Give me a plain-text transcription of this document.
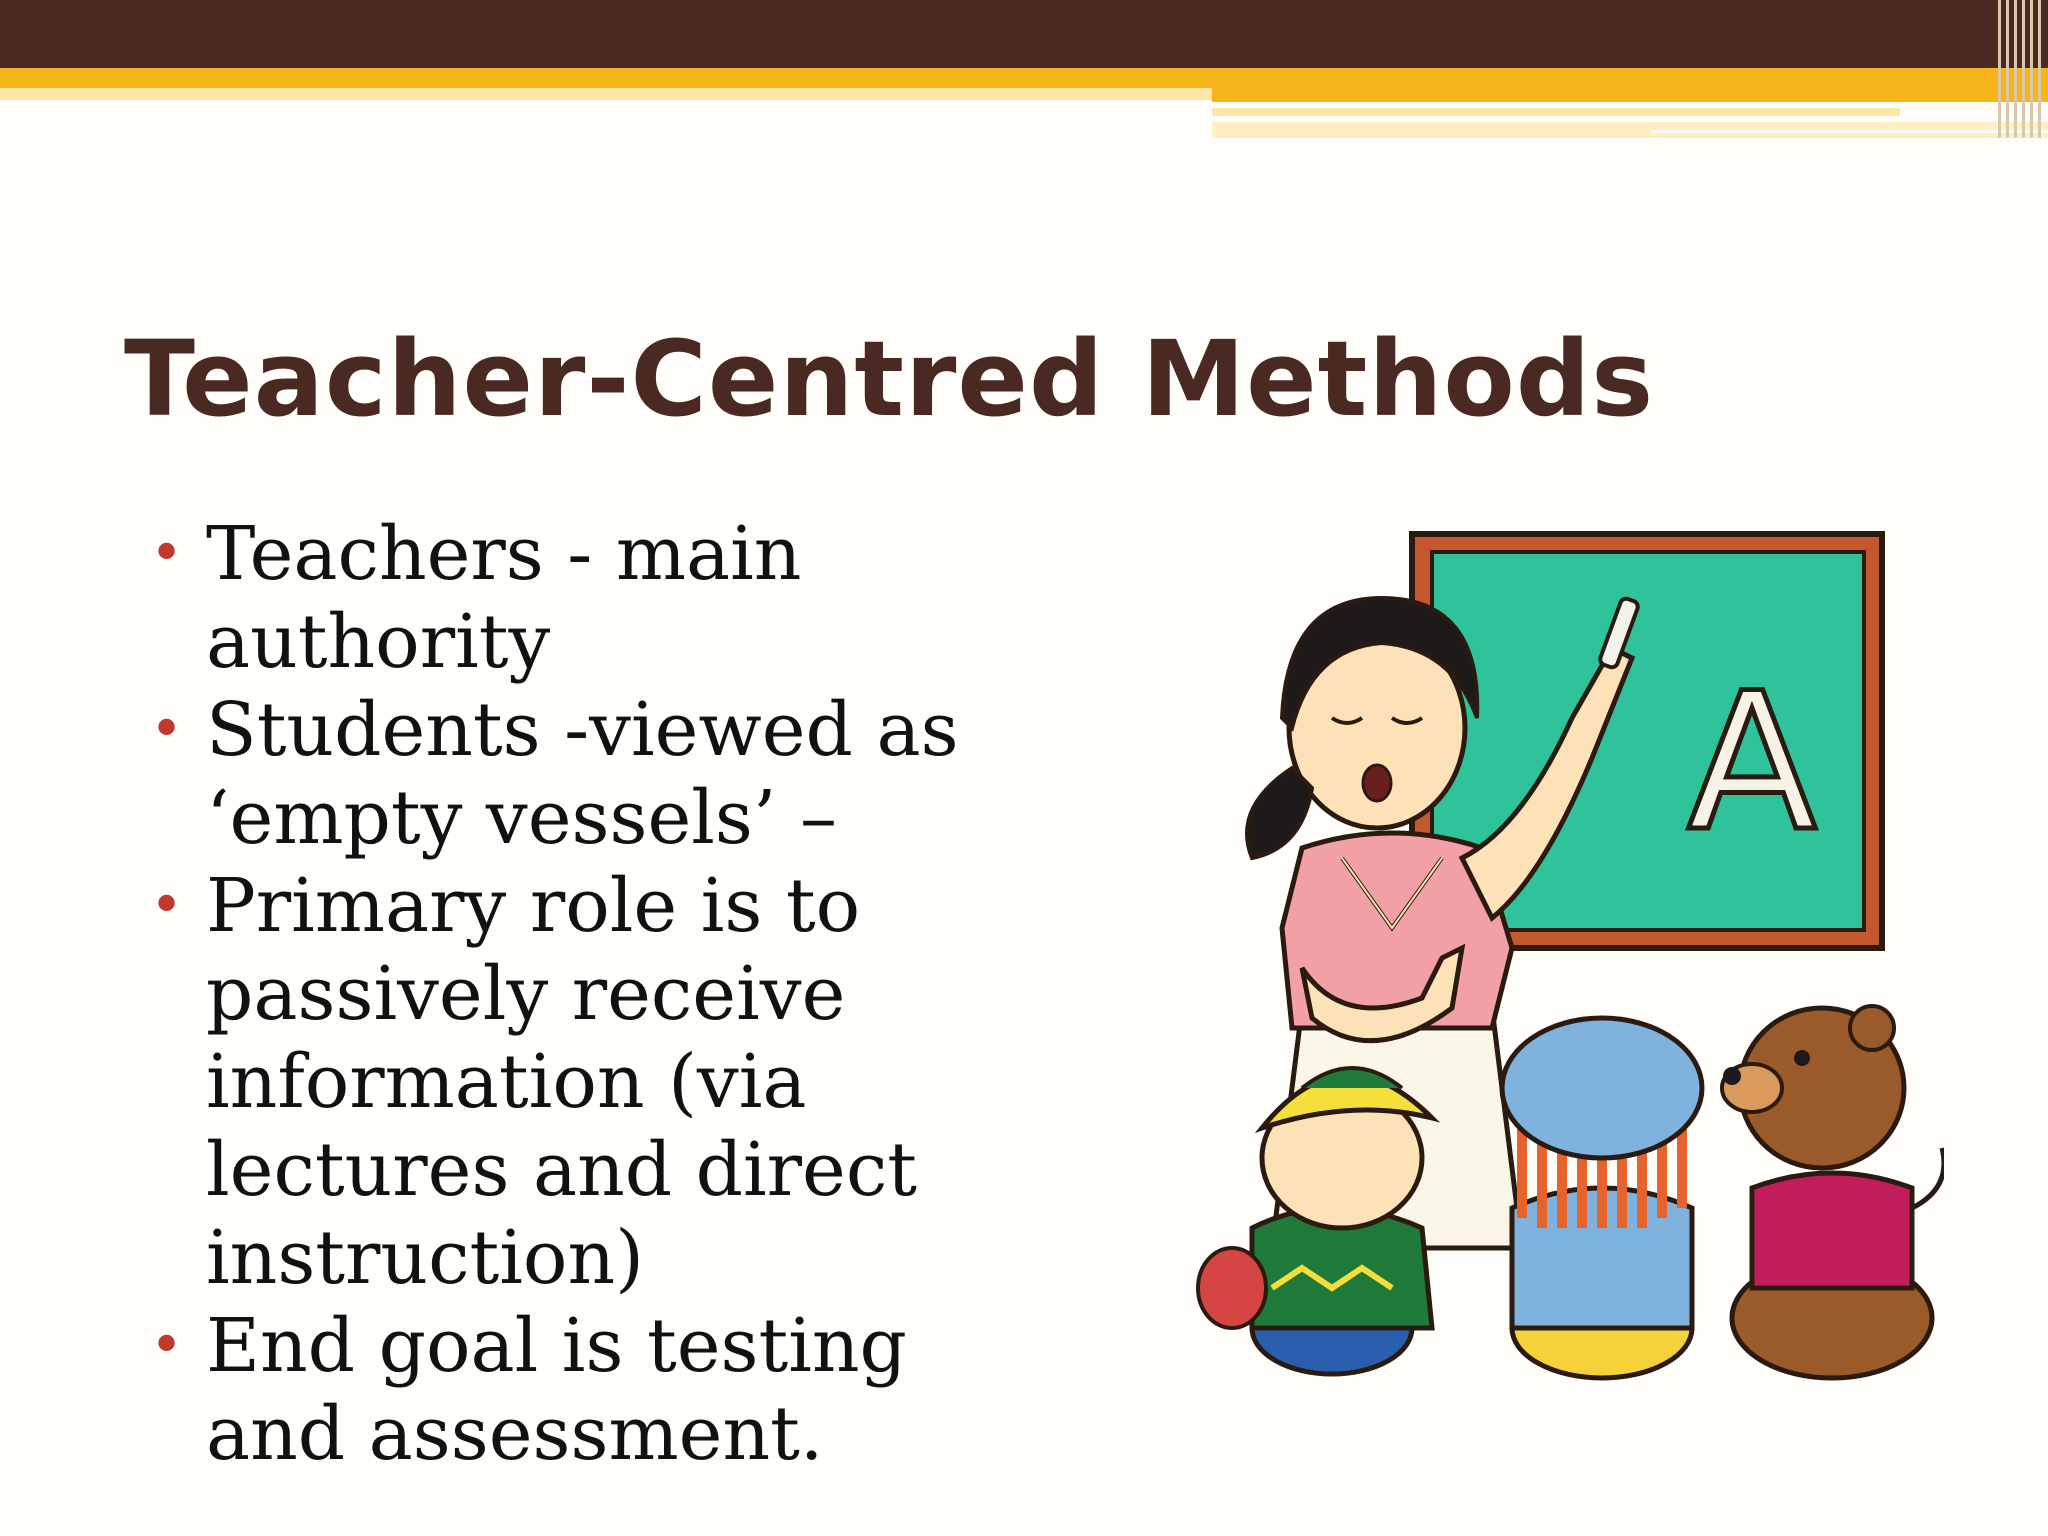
Teacher-Centred Methods
• Teachers - main
authority
• Students -viewed as
‘empty vessels’ –
• Primary role is to
passively receive
information (via
lectures and direct
instruction)
• End goal is testing
and assessment.
A
